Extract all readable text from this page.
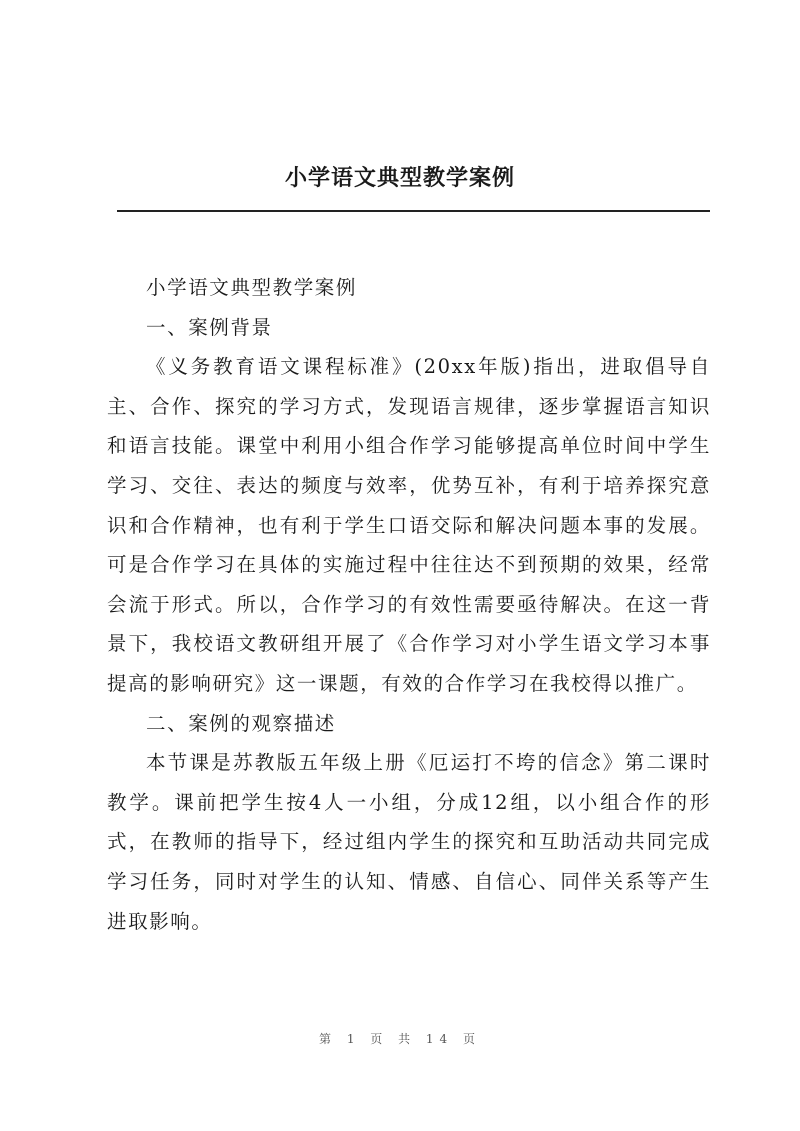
小学语文典型教学案例

小学语文典型教学案例

一、案例背景

《义务教育语文课程标准》(20xx年版)指出，进取倡导自主、合作、探究的学习方式，发现语言规律，逐步掌握语言知识和语言技能。课堂中利用小组合作学习能够提高单位时间中学生学习、交往、表达的频度与效率，优势互补，有利于培养探究意识和合作精神，也有利于学生口语交际和解决问题本事的发展。可是合作学习在具体的实施过程中往往达不到预期的效果，经常会流于形式。所以，合作学习的有效性需要亟待解决。在这一背景下，我校语文教研组开展了《合作学习对小学生语文学习本事提高的影响研究》这一课题，有效的合作学习在我校得以推广。

二、案例的观察描述

本节课是苏教版五年级上册《厄运打不垮的信念》第二课时教学。课前把学生按4人一小组，分成12组，以小组合作的形式，在教师的指导下，经过组内学生的探究和互助活动共同完成学习任务，同时对学生的认知、情感、自信心、同伴关系等产生进取影响。

第 1 页 共 14 页
